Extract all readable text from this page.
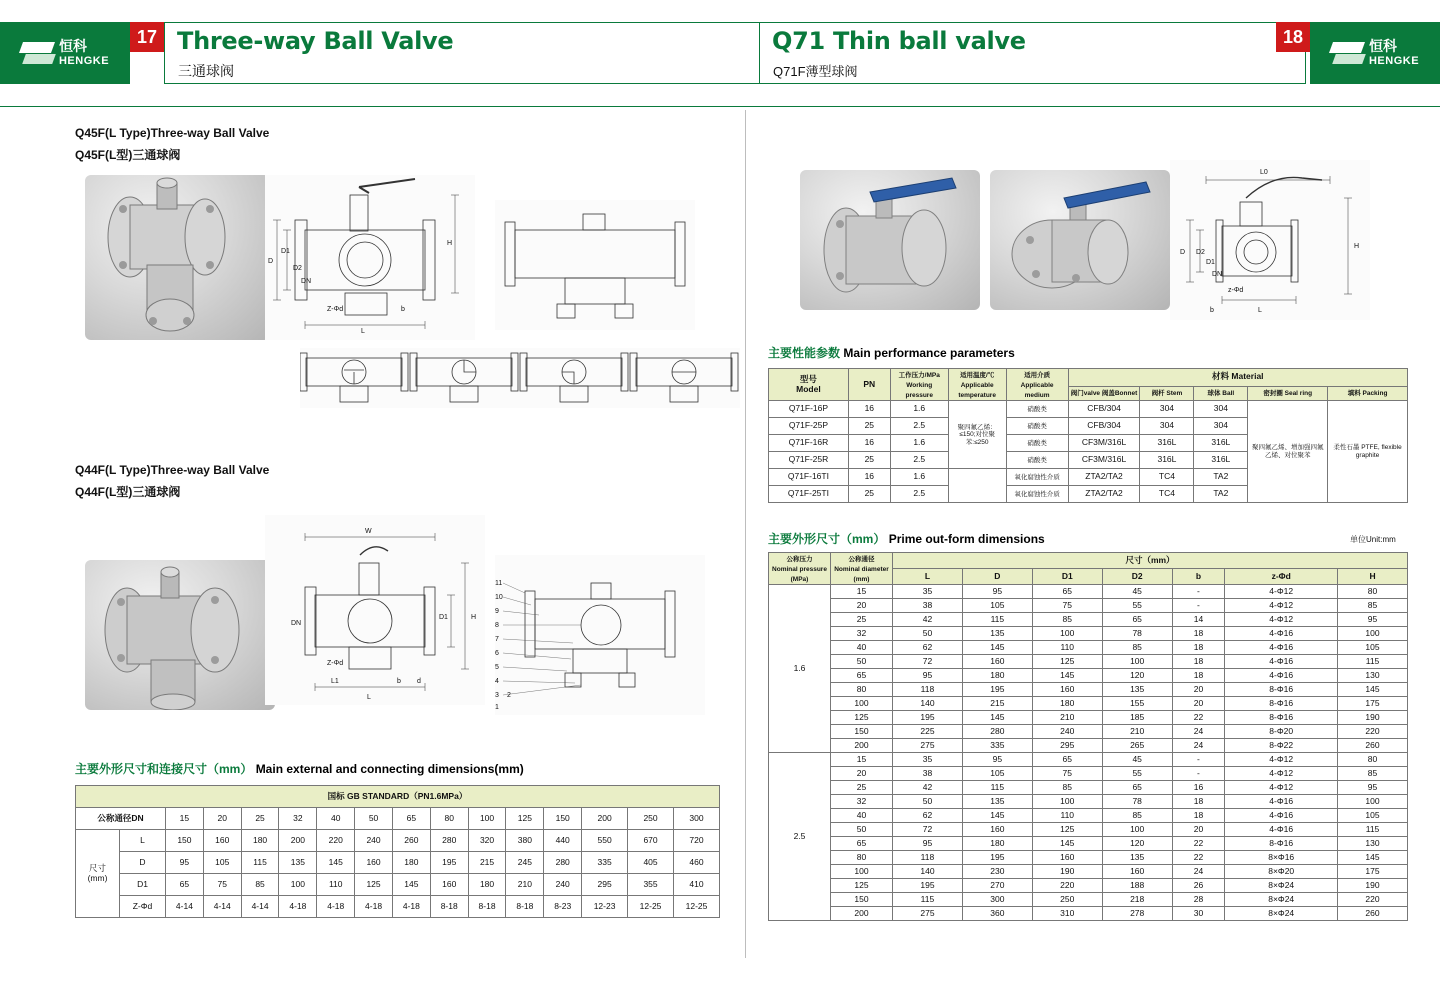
恒科
HENGKE
17 Three-way Ball Valve
三通球阀
Q71 Thin ball valve
Q71F薄型球阀
恒科
HENGKE
18
Q45F(L Type)Three-way Ball Valve
Q45F(L型)三通球阀
D
D1
D2
DN
Z-Φd
L
b
H
Q44F(L Type)Three-way Ball Valve
Q44F(L型)三通球阀
W
DN
L
L1	b d
D1	H
Z-Φd
11
10
9
8
7
6
5
4
3 2
1
主要外形尺寸和连接尺寸（mm） Main external and connecting dimensions(mm)
国标 GB STANDARD（PN1.6MPa）															
公称通径DN		15	20	25	32	40	50	65	80	100	125	150	200	250	300
尺寸
(mm)	L	150	160	180	200	220	240	260	280	320	380	440	550	670	720
	D	95	105	115	135	145	160	180	195	215	245	280	335	405	460
	D1	65	75	85	100	110	125	145	160	180	210	240	295	355	410
	Z-Φd	4-14	4-14	4-14	4-18	4-18	4-18	4-18	8-18	8-18	8-18	8-23	12-23	12-25	12-25
L0
D D2
D1
DN
z-Φd
b	L
H
主要性能参数 Main performance parameters
型号
Model	PN	工作压力/MPa
Working pressure	适用温度/℃
Applicable temperature	适用介质
Applicable medium	材料 Material				
					阀门valve 阀盖Bonnet	阀杆 Stem	球体 Ball	密封圈 Seal ring	填料 Packing
Q71F-16P	16	1.6	聚四氟乙烯：≤150;对位聚苯:≤250	硝酸类	CFB/304	304	304	聚四氟乙烯、增加强四氟乙烯、对位聚苯	柔性石墨 PTFE, flexible graphite
Q71F-25P	25	2.5		硝酸类	CFB/304	304	304		
Q71F-16R	16	1.6		硝酸类	CF3M/316L	316L	316L		
Q71F-25R	25	2.5		硝酸类	CF3M/316L	316L	316L		
Q71F-16TI	16	1.6		氧化腐蚀性介质	ZTA2/TA2	TC4	TA2		
Q71F-25TI	25	2.5		氧化腐蚀性介质	ZTA2/TA2	TC4	TA2		
主要外形尺寸（mm） Prime out-form dimensions	单位Unit:mm
公称压力
Nominal pressure
(MPa)	公称通径
Nominal diameter
(mm)	尺寸（mm）						
		L	D	D1	D2	b	z-Φd	H
1.6	15	35	95	65	45	-	4-Φ12	80
	20	38	105	75	55	-	4-Φ12	85
	25	42	115	85	65	14	4-Φ12	95
	32	50	135	100	78	18	4-Φ16	100
	40	62	145	110	85	18	4-Φ16	105
	50	72	160	125	100	18	4-Φ16	115
	65	95	180	145	120	18	4-Φ16	130
	80	118	195	160	135	20	8-Φ16	145
	100	140	215	180	155	20	8-Φ16	175
	125	195	145	210	185	22	8-Φ16	190
	150	225	280	240	210	24	8-Φ20	220
	200	275	335	295	265	24	8-Φ22	260
2.5	15	35	95	65	45	-	4-Φ12	80
	20	38	105	75	55	-	4-Φ12	85
	25	42	115	85	65	16	4-Φ12	95
	32	50	135	100	78	18	4-Φ16	100
	40	62	145	110	85	18	4-Φ16	105
	50	72	160	125	100	20	4-Φ16	115
	65	95	180	145	120	22	8-Φ16	130
	80	118	195	160	135	22	8×Φ16	145
	100	140	230	190	160	24	8×Φ20	175
	125	195	270	220	188	26	8×Φ24	190
	150	115	300	250	218	28	8×Φ24	220
	200	275	360	310	278	30	8×Φ24	260
